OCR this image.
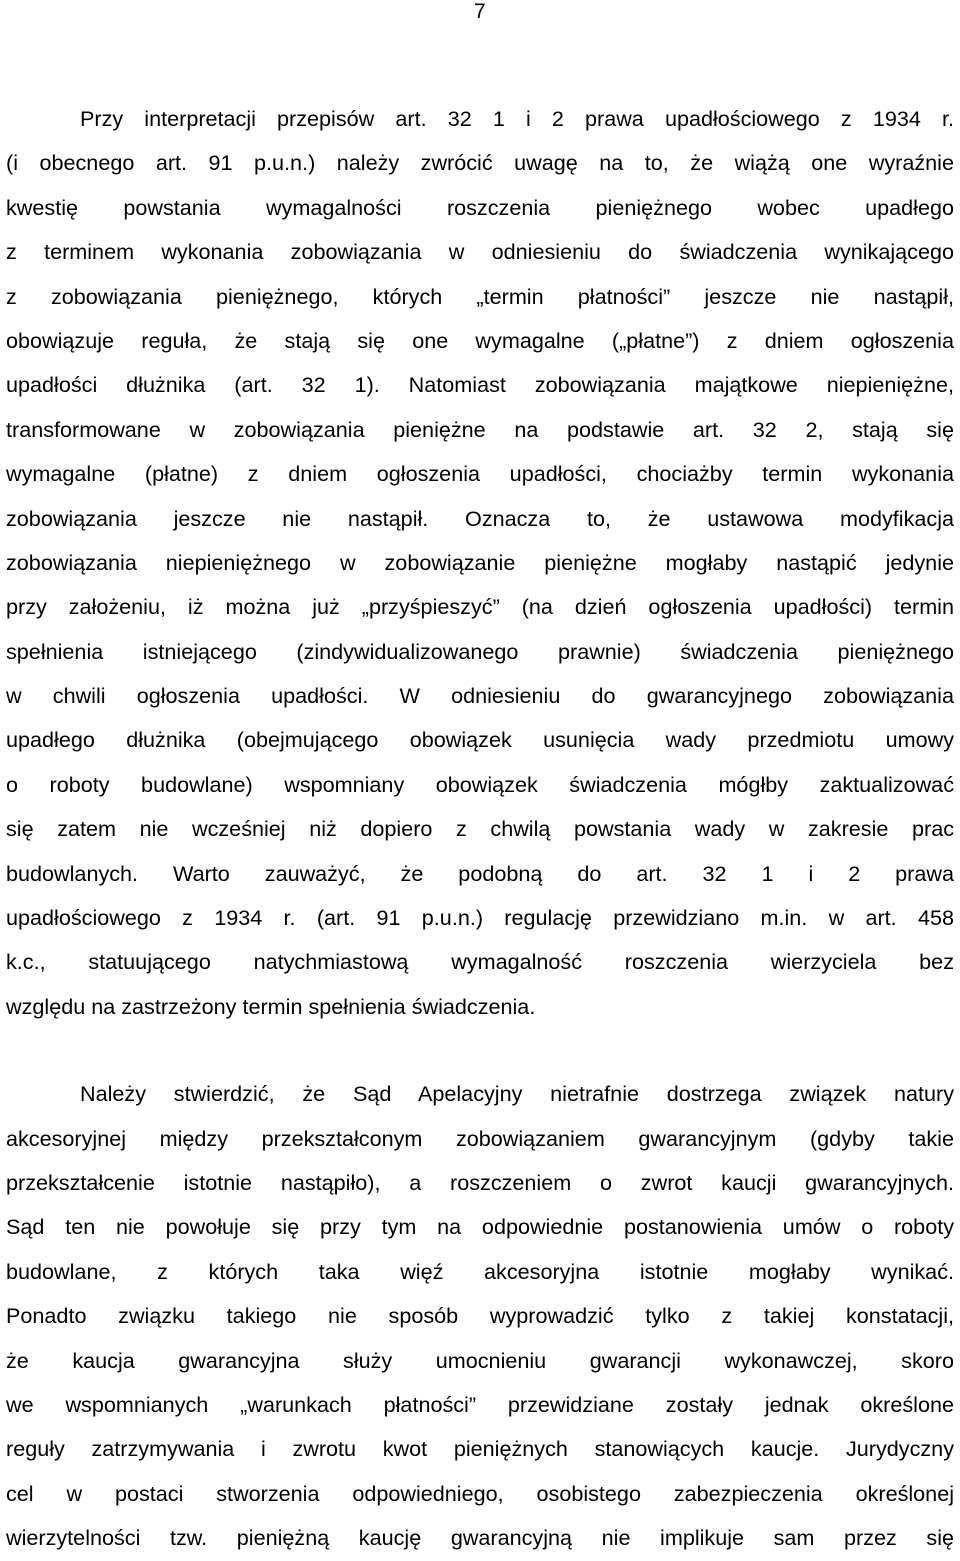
7
Przy interpretacji przepisów art. 32 1 i 2 prawa upadłościowego z 1934 r.
(i obecnego art. 91 p.u.n.) należy zwrócić uwagę na to, że wiążą one wyraźnie
kwestię powstania wymagalności roszczenia pieniężnego wobec upadłego
z terminem wykonania zobowiązania w odniesieniu do świadczenia wynikającego
z zobowiązania pieniężnego, których „termin płatności” jeszcze nie nastąpił,
obowiązuje reguła, że stają się one wymagalne („płatne”) z dniem ogłoszenia
upadłości dłużnika (art. 32 1). Natomiast zobowiązania majątkowe niepieniężne,
transformowane w zobowiązania pieniężne na podstawie art. 32 2, stają się
wymagalne (płatne) z dniem ogłoszenia upadłości, chociażby termin wykonania
zobowiązania jeszcze nie nastąpił. Oznacza to, że ustawowa modyfikacja
zobowiązania niepieniężnego w zobowiązanie pieniężne mogłaby nastąpić jedynie
przy założeniu, iż można już „przyśpieszyć” (na dzień ogłoszenia upadłości) termin
spełnienia istniejącego (zindywidualizowanego prawnie) świadczenia pieniężnego
w chwili ogłoszenia upadłości. W odniesieniu do gwarancyjnego zobowiązania
upadłego dłużnika (obejmującego obowiązek usunięcia wady przedmiotu umowy
o roboty budowlane) wspomniany obowiązek świadczenia mógłby zaktualizować
się zatem nie wcześniej niż dopiero z chwilą powstania wady w zakresie prac
budowlanych. Warto zauważyć, że podobną do art. 32 1 i 2 prawa
upadłościowego z 1934 r. (art. 91 p.u.n.) regulację przewidziano m.in. w art. 458
k.c., statuującego natychmiastową wymagalność roszczenia wierzyciela bez
względu na zastrzeżony termin spełnienia świadczenia.
Należy stwierdzić, że Sąd Apelacyjny nietrafnie dostrzega związek natury
akcesoryjnej między przekształconym zobowiązaniem gwarancyjnym (gdyby takie
przekształcenie istotnie nastąpiło), a roszczeniem o zwrot kaucji gwarancyjnych.
Sąd ten nie powołuje się przy tym na odpowiednie postanowienia umów o roboty
budowlane, z których taka więź akcesoryjna istotnie mogłaby wynikać.
Ponadto związku takiego nie sposób wyprowadzić tylko z takiej konstatacji,
że kaucja gwarancyjna służy umocnieniu gwarancji wykonawczej, skoro
we wspomnianych „warunkach płatności” przewidziane zostały jednak określone
reguły zatrzymywania i zwrotu kwot pieniężnych stanowiących kaucje. Jurydyczny
cel w postaci stworzenia odpowiedniego, osobistego zabezpieczenia określonej
wierzytelności tzw. pieniężną kaucję gwarancyjną nie implikuje sam przez się
